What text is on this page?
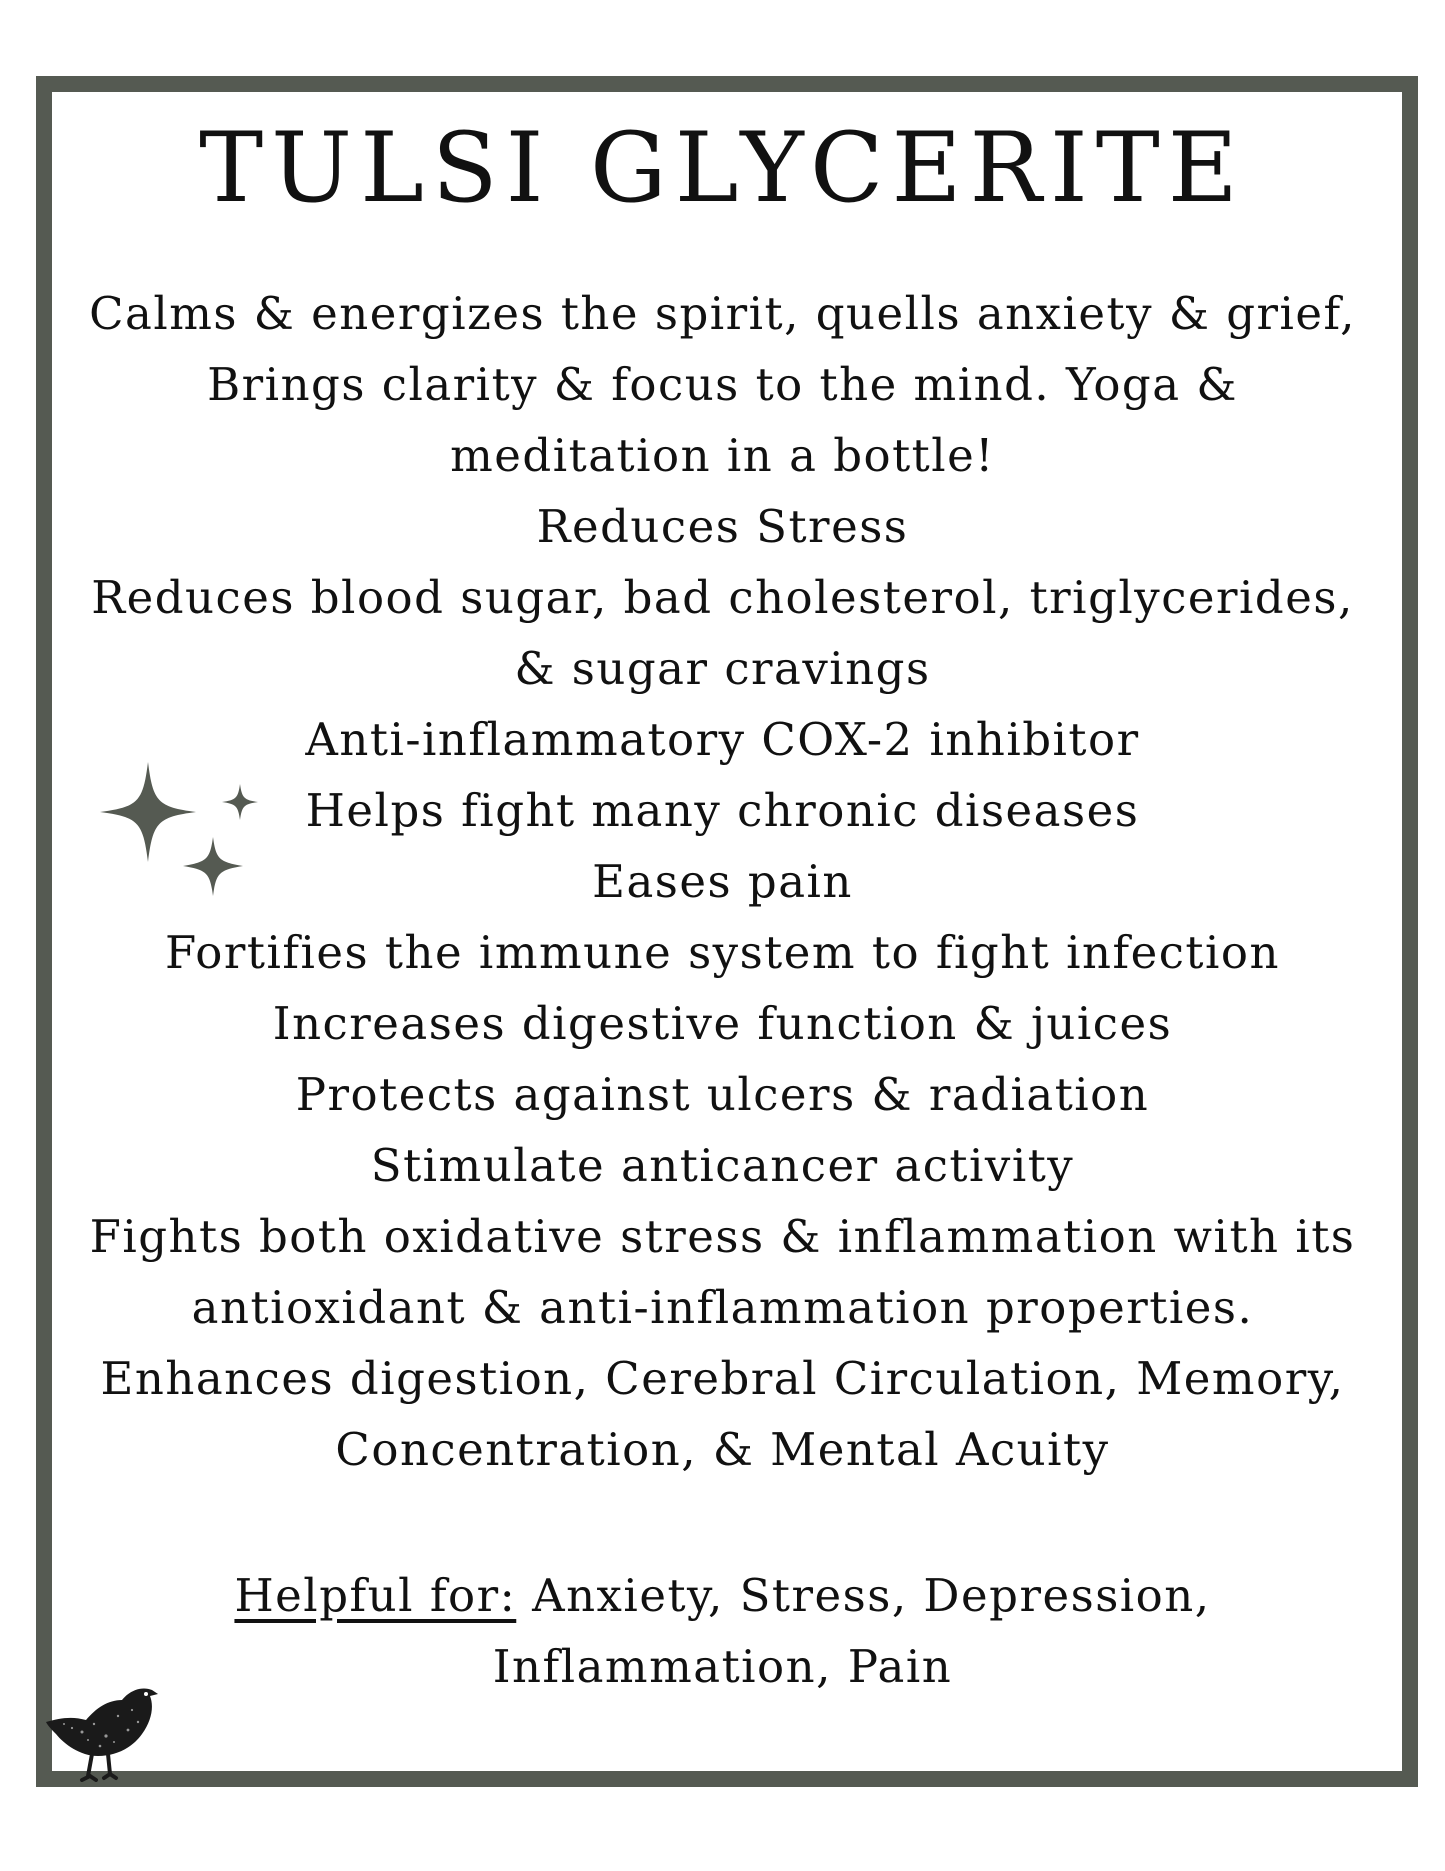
TULSI GLYCERITE
Calms & energizes the spirit, quells anxiety & grief,
Brings clarity & focus to the mind. Yoga &
meditation in a bottle!
Reduces Stress
Reduces blood sugar, bad cholesterol, triglycerides,
& sugar cravings
Anti-inflammatory COX-2 inhibitor
Helps fight many chronic diseases
Eases pain
Fortifies the immune system to fight infection
Increases digestive function & juices
Protects against ulcers & radiation
Stimulate anticancer activity
Fights both oxidative stress & inflammation with its
antioxidant & anti-inflammation properties.
Enhances digestion, Cerebral Circulation, Memory,
Concentration, & Mental Acuity
Helpful for: Anxiety, Stress, Depression,
Inflammation, Pain
